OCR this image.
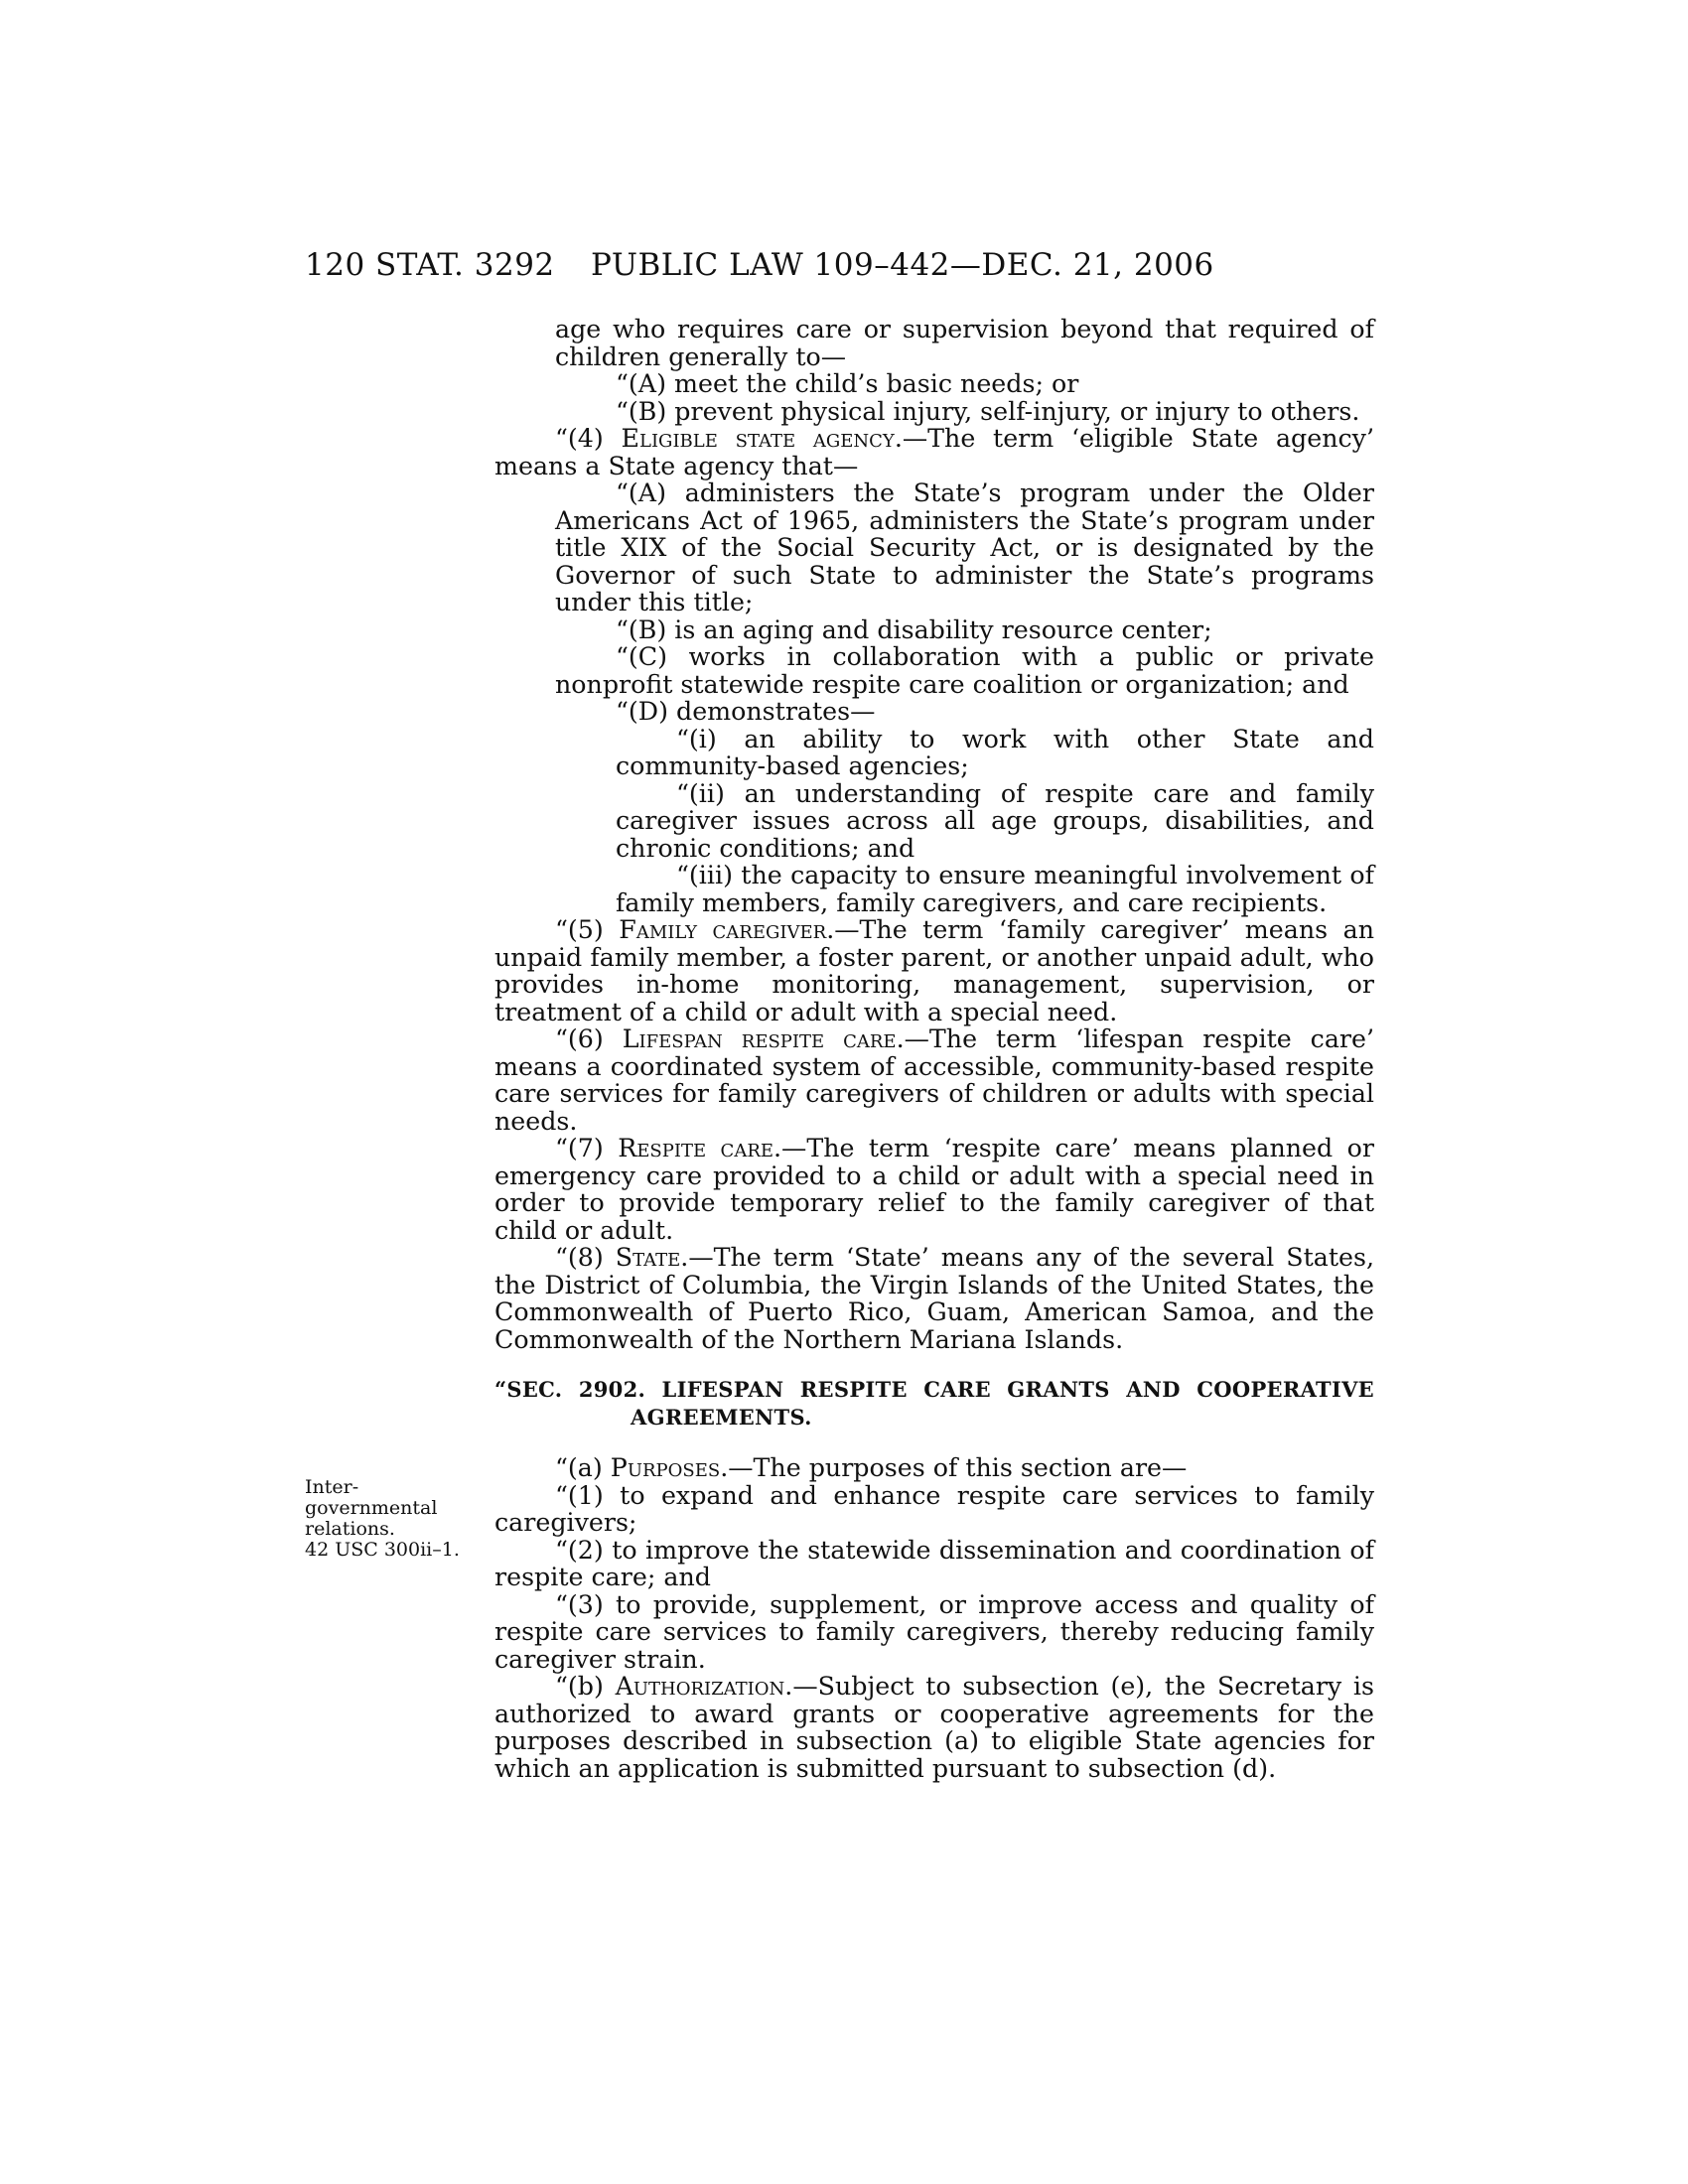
120 STAT. 3292 PUBLIC LAW 109–442—DEC. 21, 2006
Inter-
governmental
relations.
42 USC 300ii–1.

age who requires care or supervision beyond that required of children generally to—

“(A) meet the child’s basic needs; or

“(B) prevent physical injury, self-injury, or injury to others.

“(4) Eligible state agency.—The term ‘eligible State agency’ means a State agency that—

“(A) administers the State’s program under the Older Americans Act of 1965, administers the State’s program under title XIX of the Social Security Act, or is designated by the Governor of such State to administer the State’s programs under this title;

“(B) is an aging and disability resource center;

“(C) works in collaboration with a public or private nonprofit statewide respite care coalition or organization; and

“(D) demonstrates—

“(i) an ability to work with other State and community-based agencies;

“(ii) an understanding of respite care and family caregiver issues across all age groups, disabilities, and chronic conditions; and

“(iii) the capacity to ensure meaningful involvement of family members, family caregivers, and care recipients.

“(5) Family caregiver.—The term ‘family caregiver’ means an unpaid family member, a foster parent, or another unpaid adult, who provides in-home monitoring, management, supervision, or treatment of a child or adult with a special need.

“(6) Lifespan respite care.—The term ‘lifespan respite care’ means a coordinated system of accessible, community-based respite care services for family caregivers of children or adults with special needs.

“(7) Respite care.—The term ‘respite care’ means planned or emergency care provided to a child or adult with a special need in order to provide temporary relief to the family caregiver of that child or adult.

“(8) State.—The term ‘State’ means any of the several States, the District of Columbia, the Virgin Islands of the United States, the Commonwealth of Puerto Rico, Guam, American Samoa, and the Commonwealth of the Northern Mariana Islands.

“SEC. 2902. LIFESPAN RESPITE CARE GRANTS AND COOPERATIVE AGREEMENTS.

“(a) Purposes.—The purposes of this section are—

“(1) to expand and enhance respite care services to family caregivers;

“(2) to improve the statewide dissemination and coordination of respite care; and

“(3) to provide, supplement, or improve access and quality of respite care services to family caregivers, thereby reducing family caregiver strain.

“(b) Authorization.—Subject to subsection (e), the Secretary is authorized to award grants or cooperative agreements for the purposes described in subsection (a) to eligible State agencies for which an application is submitted pursuant to subsection (d).
